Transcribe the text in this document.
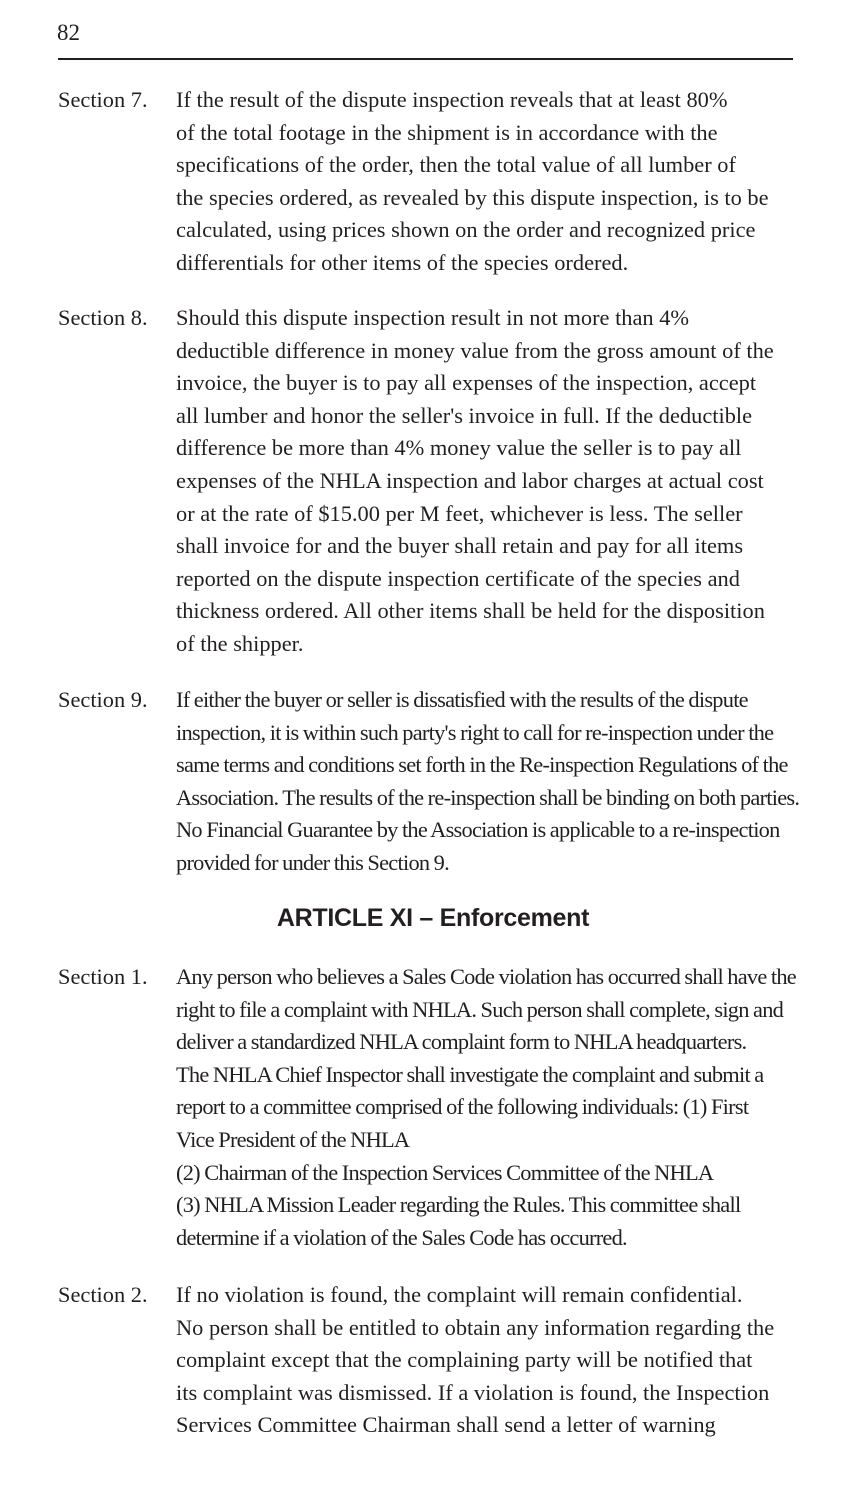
82
Section 7. If the result of the dispute inspection reveals that at least 80%
of the total footage in the shipment is in accordance with the
specifications of the order, then the total value of all lumber of
the species ordered, as revealed by this dispute inspection, is to be
calculated, using prices shown on the order and recognized price
differentials for other items of the species ordered.
Section 8. Should this dispute inspection result in not more than 4%
deductible difference in money value from the gross amount of the
invoice, the buyer is to pay all expenses of the inspection, accept
all lumber and honor the seller's invoice in full. If the deductible
difference be more than 4% money value the seller is to pay all
expenses of the NHLA inspection and labor charges at actual cost
or at the rate of $15.00 per M feet, whichever is less. The seller
shall invoice for and the buyer shall retain and pay for all items
reported on the dispute inspection certificate of the species and
thickness ordered. All other items shall be held for the disposition
of the shipper.
Section 9. If either the buyer or seller is dissatisfied with the results of the dispute
inspection, it is within such party's right to call for re-inspection under the
same terms and conditions set forth in the Re-inspection Regulations of the
Association. The results of the re-inspection shall be binding on both parties.
No Financial Guarantee by the Association is applicable to a re-inspection
provided for under this Section 9.
ARTICLE XI – Enforcement
Section 1. Any person who believes a Sales Code violation has occurred shall have the
right to file a complaint with NHLA. Such person shall complete, sign and
deliver a standardized NHLA complaint form to NHLA headquarters.
The NHLA Chief Inspector shall investigate the complaint and submit a
report to a committee comprised of the following individuals: (1) First
Vice President of the NHLA
(2) Chairman of the Inspection Services Committee of the NHLA
(3) NHLA Mission Leader regarding the Rules. This committee shall
determine if a violation of the Sales Code has occurred.
Section 2. If no violation is found, the complaint will remain confidential.
No person shall be entitled to obtain any information regarding the
complaint except that the complaining party will be notified that
its complaint was dismissed. If a violation is found, the Inspection
Services Committee Chairman shall send a letter of warning
